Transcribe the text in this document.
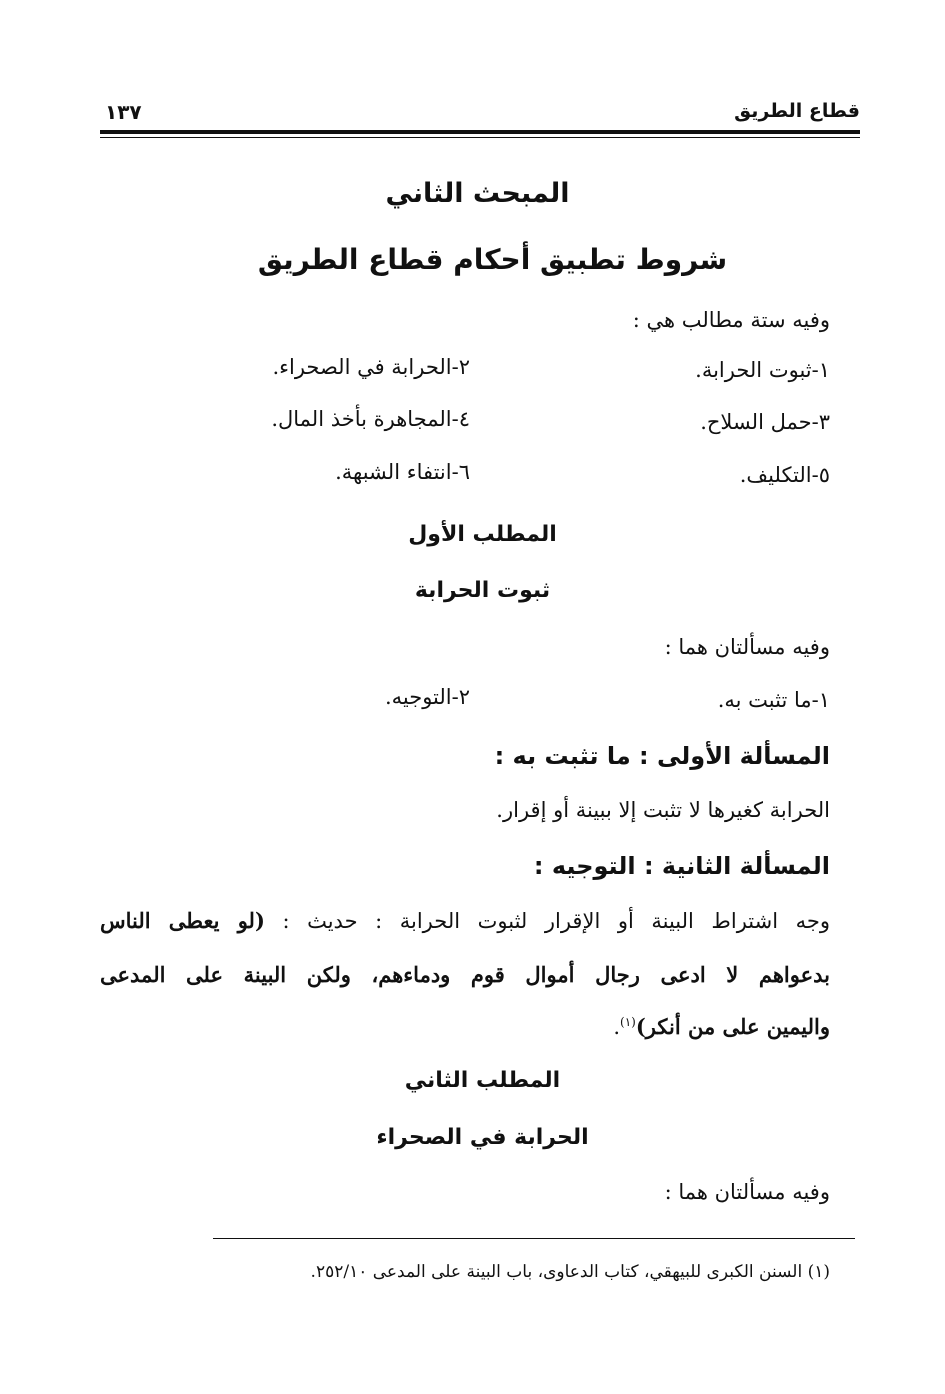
قطاع الطريق
١٣٧
المبحث الثاني
شروط تطبيق أحكام قطاع الطريق
وفيه ستة مطالب هي :
١-ثبوت الحرابة.
٢-الحرابة في الصحراء.
٣-حمل السلاح.
٤-المجاهرة بأخذ المال.
٥-التكليف.
٦-انتفاء الشبهة.
المطلب الأول
ثبوت الحرابة
وفيه مسألتان هما :
١-ما تثبت به.
٢-التوجيه.
المسألة الأولى : ما تثبت به :
الحرابة كغيرها لا تثبت إلا ببينة أو إقرار.
المسألة الثانية : التوجيه :
وجه اشتراط البينة أو الإقرار لثبوت الحرابة : حديث : (لو يعطى الناس
بدعواهم لا ادعى رجال أموال قوم ودماءهم، ولكن البينة على المدعى
واليمين على من أنكر)$^{(١)}$.
المطلب الثاني
الحرابة في الصحراء
وفيه مسألتان هما :
(١) السنن الكبرى للبيهقي، كتاب الدعاوى، باب البينة على المدعى ٢٥٢/١٠.
